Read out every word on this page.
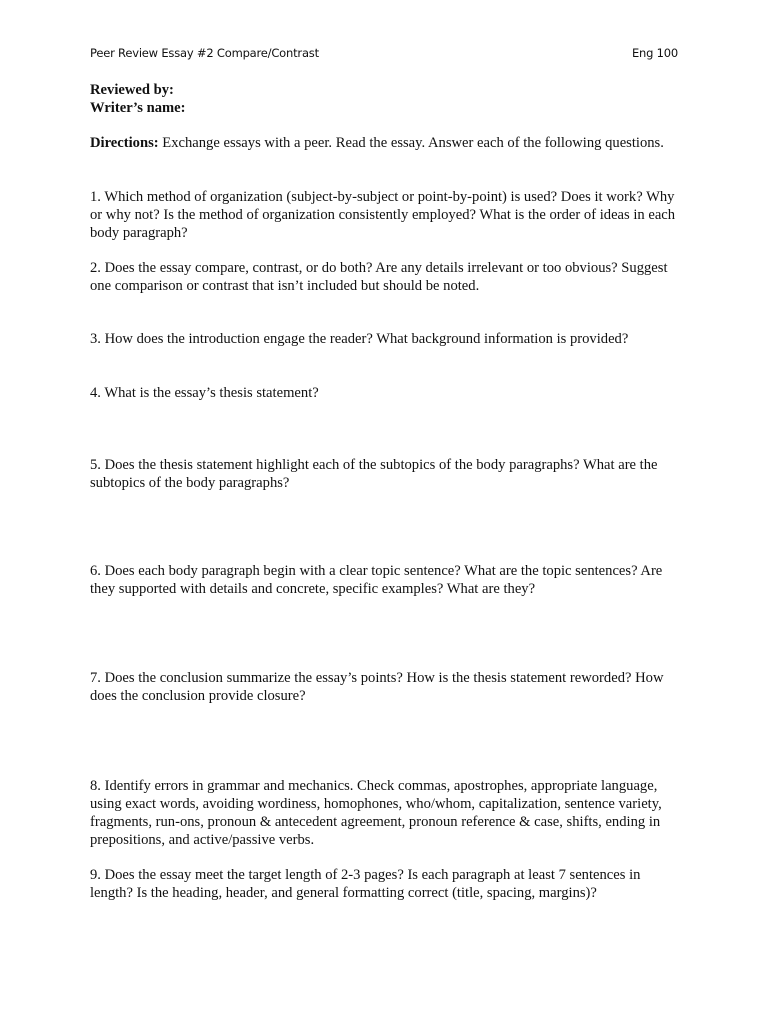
Peer Review Essay #2 Compare/Contrast	Eng 100
Reviewed by:
Writer’s name:
Directions: Exchange essays with a peer. Read the essay. Answer each of the following questions.
1. Which method of organization (subject-by-subject or point-by-point) is used? Does it work? Why or why not? Is the method of organization consistently employed? What is the order of ideas in each body paragraph?
2. Does the essay compare, contrast, or do both? Are any details irrelevant or too obvious? Suggest one comparison or contrast that isn’t included but should be noted.
3. How does the introduction engage the reader? What background information is provided?
4. What is the essay’s thesis statement?
5. Does the thesis statement highlight each of the subtopics of the body paragraphs? What are the subtopics of the body paragraphs?
6. Does each body paragraph begin with a clear topic sentence? What are the topic sentences? Are they supported with details and concrete, specific examples? What are they?
7. Does the conclusion summarize the essay’s points? How is the thesis statement reworded? How does the conclusion provide closure?
8. Identify errors in grammar and mechanics. Check commas, apostrophes, appropriate language, using exact words, avoiding wordiness, homophones, who/whom, capitalization, sentence variety, fragments, run-ons, pronoun & antecedent agreement, pronoun reference & case, shifts, ending in prepositions, and active/passive verbs.
9. Does the essay meet the target length of 2-3 pages? Is each paragraph at least 7 sentences in length? Is the heading, header, and general formatting correct (title, spacing, margins)?
